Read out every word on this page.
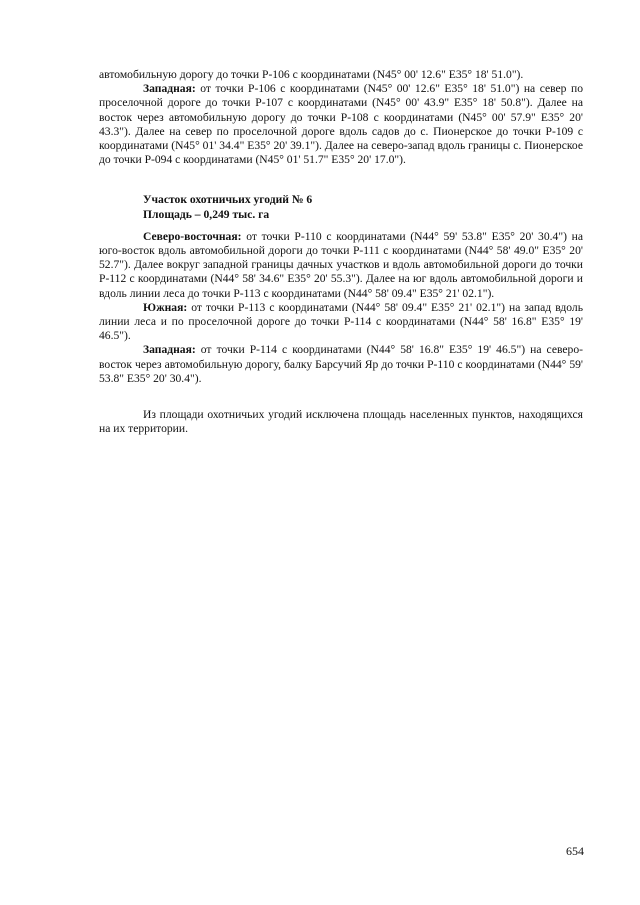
автомобильную дорогу до точки Р-106 с координатами (N45° 00' 12.6" E35° 18' 51.0").

Западная: от точки Р-106 с координатами (N45° 00' 12.6" E35° 18' 51.0") на север по проселочной дороге до точки Р-107 с координатами (N45° 00' 43.9" E35° 18' 50.8"). Далее на восток через автомобильную дорогу до точки Р-108 с координатами (N45° 00' 57.9" E35° 20' 43.3"). Далее на север по проселочной дороге вдоль садов до с. Пионерское до точки Р-109 с координатами (N45° 01' 34.4" E35° 20' 39.1"). Далее на северо-запад вдоль границы с. Пионерское до точки Р-094 с координатами (N45° 01' 51.7" E35° 20' 17.0").

Участок охотничьих угодий № 6

Площадь – 0,249 тыс. га

Северо-восточная: от точки Р-110 с координатами (N44° 59' 53.8" E35° 20' 30.4") на юго-восток вдоль автомобильной дороги до точки Р-111 с координатами (N44° 58' 49.0" E35° 20' 52.7"). Далее вокруг западной границы дачных участков и вдоль автомобильной дороги до точки Р-112 с координатами (N44° 58' 34.6" E35° 20' 55.3"). Далее на юг вдоль автомобильной дороги и вдоль линии леса до точки Р-113 с координатами (N44° 58' 09.4" E35° 21' 02.1").

Южная: от точки Р-113 с координатами (N44° 58' 09.4" E35° 21' 02.1") на запад вдоль линии леса и по проселочной дороге до точки Р-114 с координатами (N44° 58' 16.8" E35° 19' 46.5").

Западная: от точки Р-114 с координатами (N44° 58' 16.8" E35° 19' 46.5") на северо-восток через автомобильную дорогу, балку Барсучий Яр до точки Р-110 с координатами (N44° 59' 53.8" E35° 20' 30.4").

Из площади охотничьих угодий исключена площадь населенных пунктов, находящихся на их территории.

654
